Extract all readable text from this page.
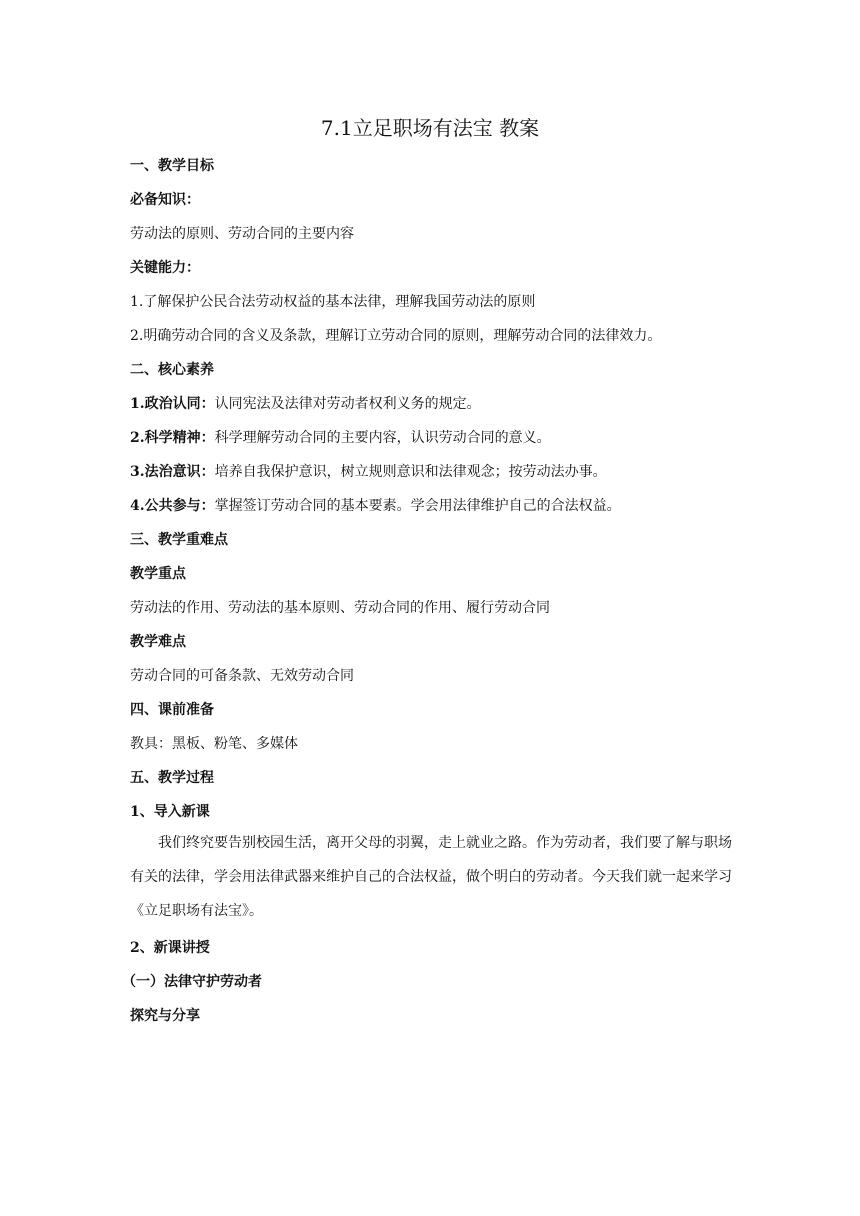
7.1立足职场有法宝 教案
一、教学目标
必备知识：
劳动法的原则、劳动合同的主要内容
关键能力：
1.了解保护公民合法劳动权益的基本法律，理解我国劳动法的原则
2.明确劳动合同的含义及条款，理解订立劳动合同的原则，理解劳动合同的法律效力。
二、核心素养
1.政治认同：认同宪法及法律对劳动者权利义务的规定。
2.科学精神：科学理解劳动合同的主要内容，认识劳动合同的意义。
3.法治意识：培养自我保护意识，树立规则意识和法律观念；按劳动法办事。
4.公共参与：掌握签订劳动合同的基本要素。学会用法律维护自己的合法权益。
三、教学重难点
教学重点
劳动法的作用、劳动法的基本原则、劳动合同的作用、履行劳动合同
教学难点
劳动合同的可备条款、无效劳动合同
四、课前准备
教具：黑板、粉笔、多媒体
五、教学过程
1、导入新课
我们终究要告别校园生活，离开父母的羽翼，走上就业之路。作为劳动者，我们要了解与职场有关的法律，学会用法律武器来维护自己的合法权益，做个明白的劳动者。今天我们就一起来学习《立足职场有法宝》。
2、新课讲授
（一）法律守护劳动者
探究与分享
